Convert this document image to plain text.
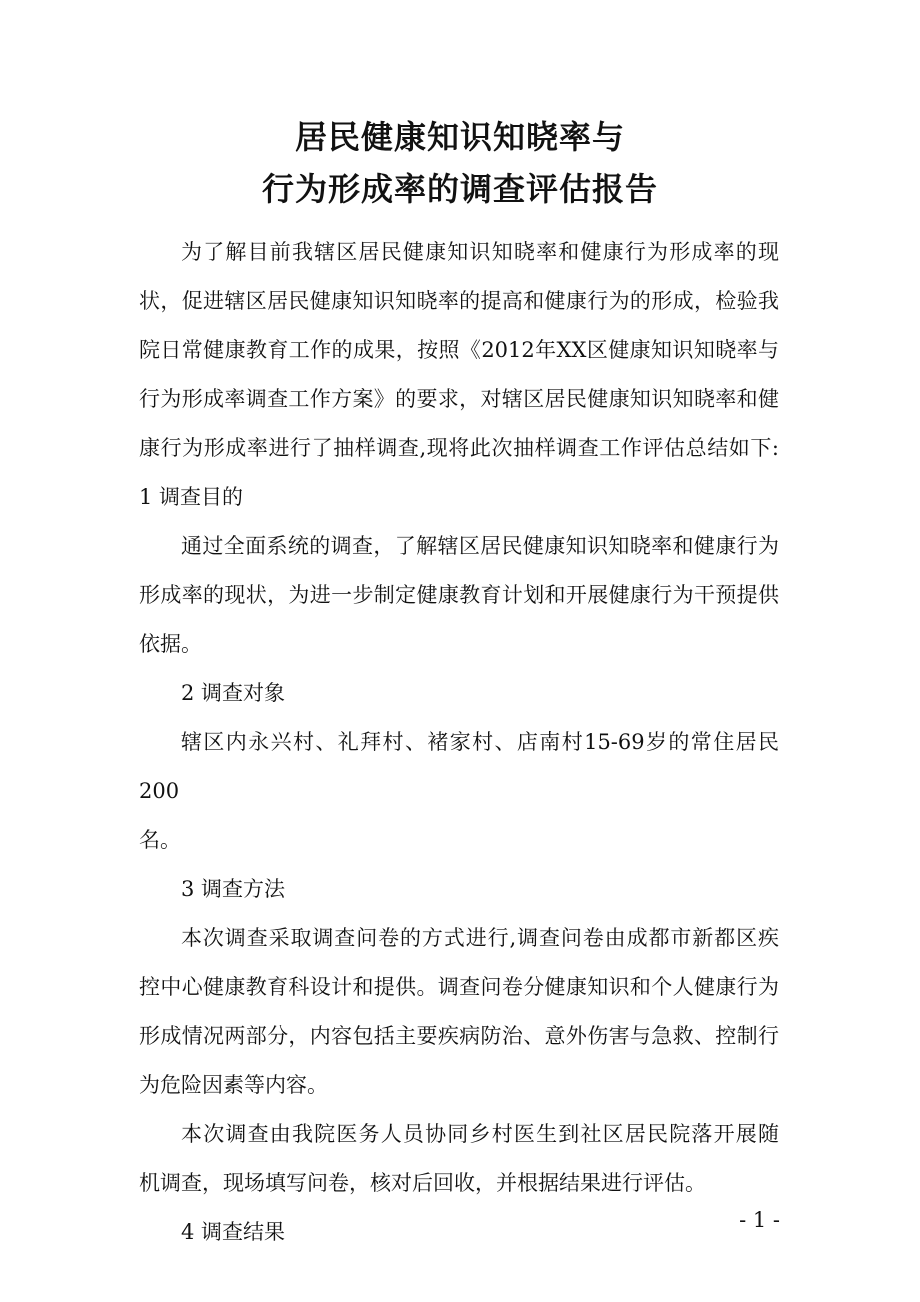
居民健康知识知晓率与
行为形成率的调查评估报告

为了解目前我辖区居民健康知识知晓率和健康行为形成率的现

状，促进辖区居民健康知识知晓率的提高和健康行为的形成，检验我

院日常健康教育工作的成果，按照《2012年XX区健康知识知晓率与

行为形成率调查工作方案》的要求，对辖区居民健康知识知晓率和健

康行为形成率进行了抽样调查,现将此次抽样调查工作评估总结如下:

1 调查目的

通过全面系统的调查，了解辖区居民健康知识知晓率和健康行为

形成率的现状，为进一步制定健康教育计划和开展健康行为干预提供

依据。

2 调查对象

辖区内永兴村、礼拜村、褚家村、店南村15-69岁的常住居民200

名。

3 调查方法

本次调查采取调查问卷的方式进行,调查问卷由成都市新都区疾

控中心健康教育科设计和提供。调查问卷分健康知识和个人健康行为

形成情况两部分，内容包括主要疾病防治、意外伤害与急救、控制行

为危险因素等内容。

本次调查由我院医务人员协同乡村医生到社区居民院落开展随

机调查，现场填写问卷，核对后回收，并根据结果进行评估。

4 调查结果	- 1 -
